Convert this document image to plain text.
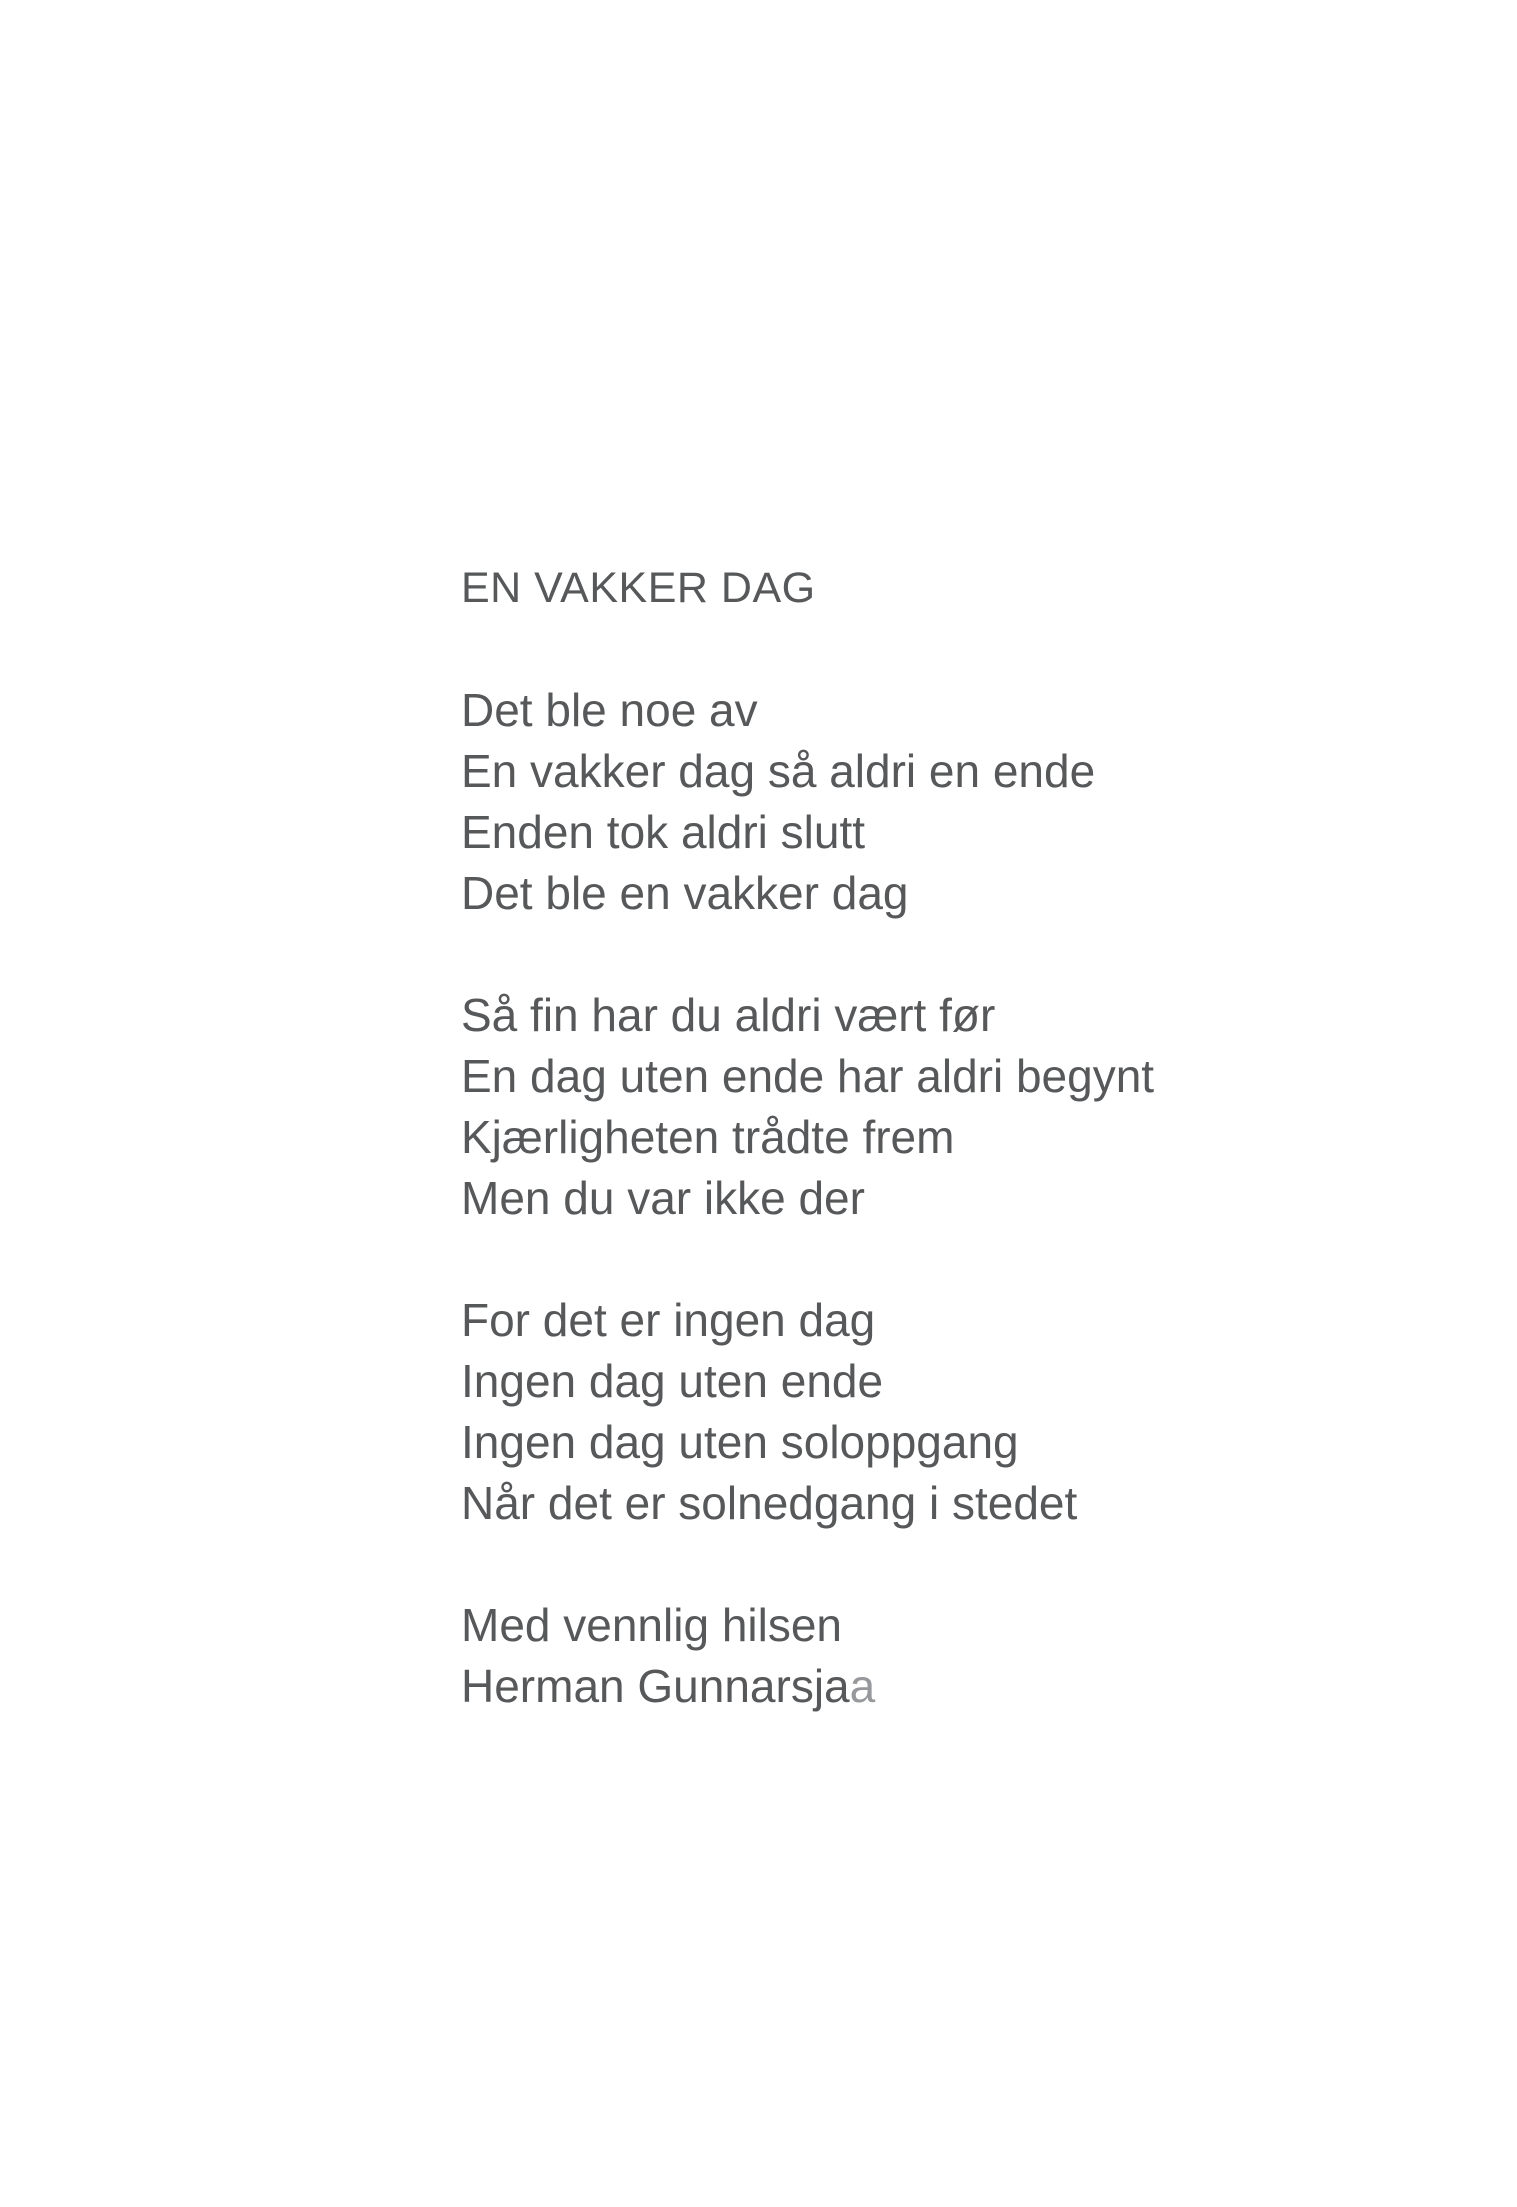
EN VAKKER DAG
Det ble noe av
En vakker dag så aldri en ende
Enden tok aldri slutt
Det ble en vakker dag
Så fin har du aldri vært før
En dag uten ende har aldri begynt
Kjærligheten trådte frem
Men du var ikke der
For det er ingen dag
Ingen dag uten ende
Ingen dag uten soloppgang
Når det er solnedgang i stedet
Med vennlig hilsen
Herman Gunnarsjaa
